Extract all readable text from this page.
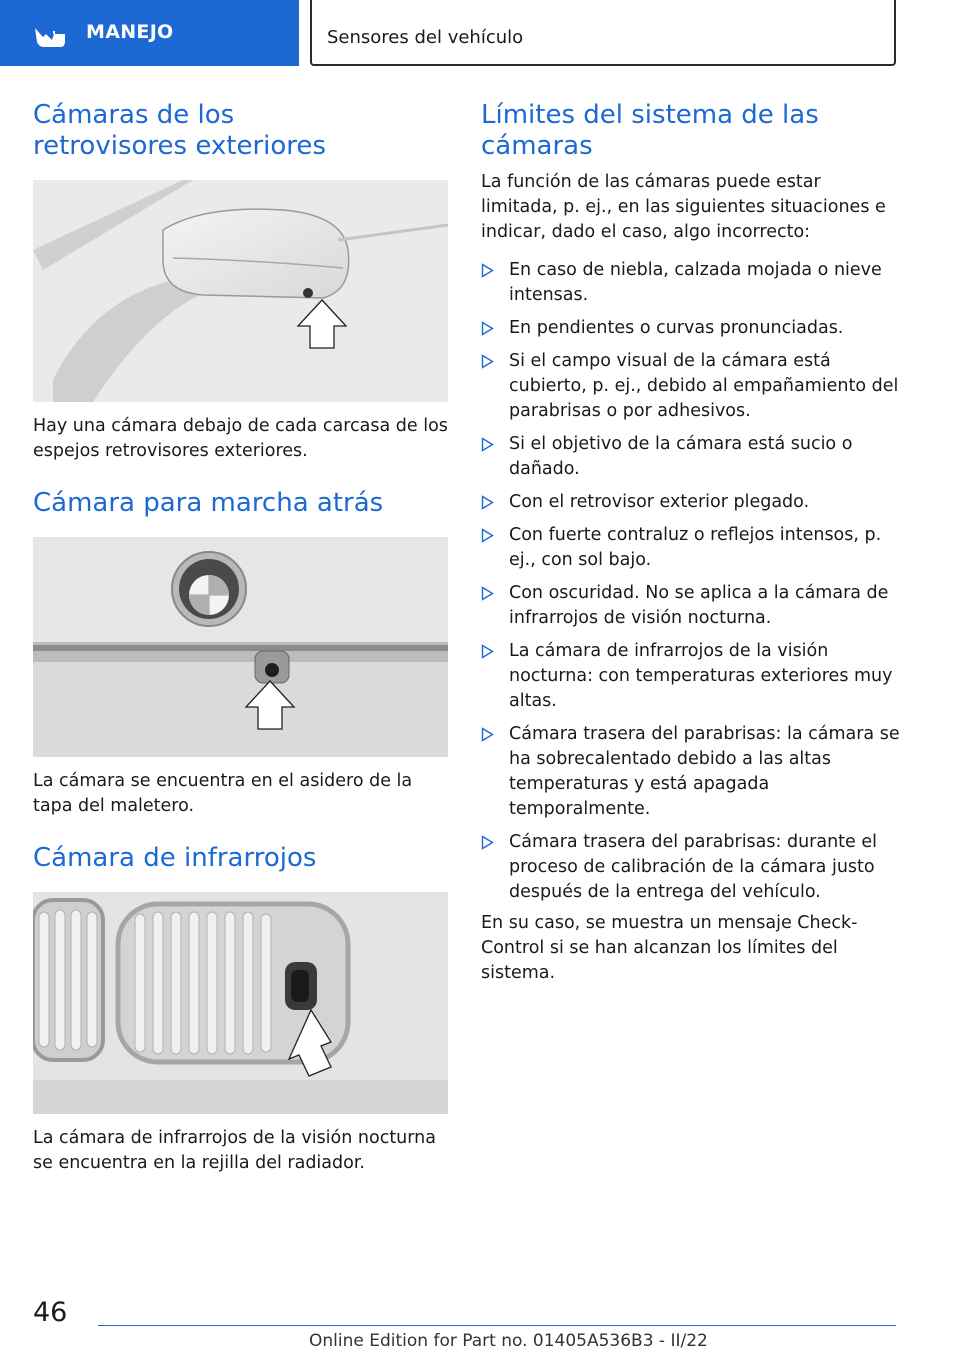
MANEJO	Sensores del vehículo
Cámaras de los retrovisores exteriores

Hay una cámara debajo de cada carcasa de los espejos retrovisores exteriores.

Cámara para marcha atrás

La cámara se encuentra en el asidero de la tapa del maletero.

Cámara de infrarrojos

La cámara de infrarrojos de la visión nocturna se encuentra en la rejilla del radiador.

Límites del sistema de las cámaras

La función de las cámaras puede estar limitada, p. ej., en las siguientes situaciones e indicar, dado el caso, algo incorrecto:

En caso de niebla, calzada mojada o nieve intensas.
En pendientes o curvas pronunciadas.
Si el campo visual de la cámara está cubierto, p. ej., debido al empañamiento del parabrisas o por adhesivos.
Si el objetivo de la cámara está sucio o dañado.
Con el retrovisor exterior plegado.
Con fuerte contraluz o reflejos intensos, p. ej., con sol bajo.
Con oscuridad. No se aplica a la cámara de infrarrojos de visión nocturna.
La cámara de infrarrojos de la visión nocturna: con temperaturas exteriores muy altas.
Cámara trasera del parabrisas: la cámara se ha sobrecalentado debido a las altas temperaturas y está apagada temporalmente.
Cámara trasera del parabrisas: durante el proceso de calibración de la cámara justo después de la entrega del vehículo.

En su caso, se muestra un mensaje Check-Control si se han alcanzan los límites del sistema.

46
Online Edition for Part no. 01405A536B3 - II/22
